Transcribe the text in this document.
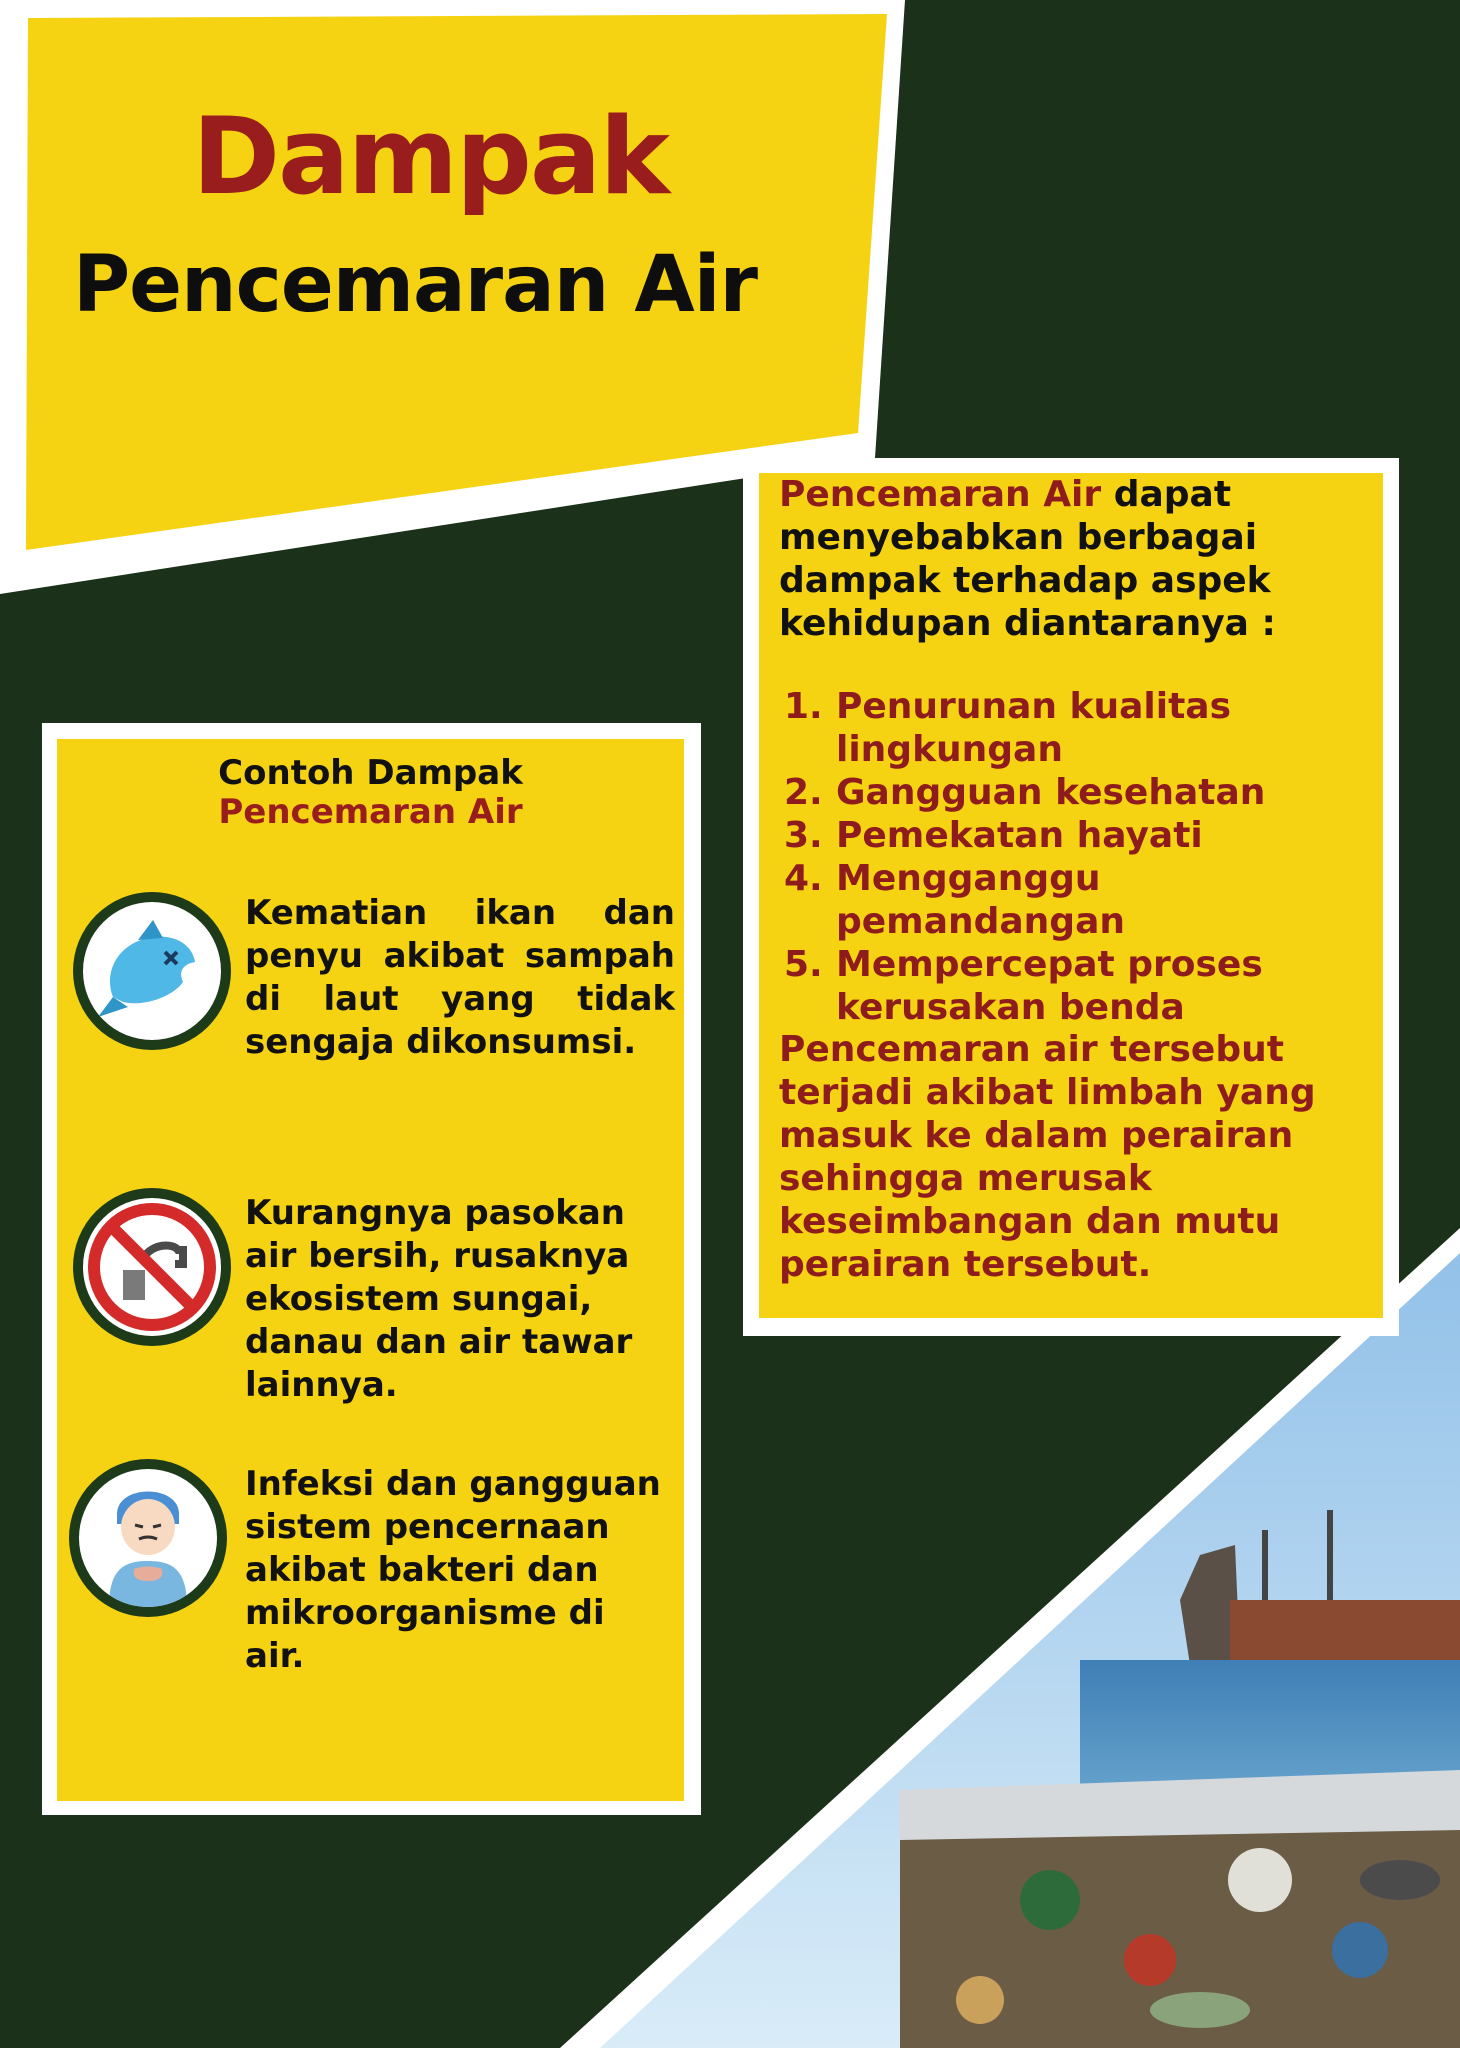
Dampak
Pencemaran Air
Pencemaran Air dapat menyebabkan berbagai dampak terhadap aspek kehidupan diantaranya :
1. Penurunan kualitas lingkungan
2. Gangguan kesehatan
3. Pemekatan hayati
4. Mengganggu pemandangan
5. Mempercepat proses kerusakan benda
Pencemaran air tersebut terjadi akibat limbah yang masuk ke dalam perairan sehingga merusak keseimbangan dan mutu perairan tersebut.
Contoh Dampak
Pencemaran Air
Kematian ikan dan penyu akibat sampah di laut yang tidak sengaja dikonsumsi.
Kurangnya pasokan air bersih, rusaknya ekosistem sungai, danau dan air tawar lainnya.
Infeksi dan gangguan sistem pencernaan akibat bakteri dan mikroorganisme di air.
